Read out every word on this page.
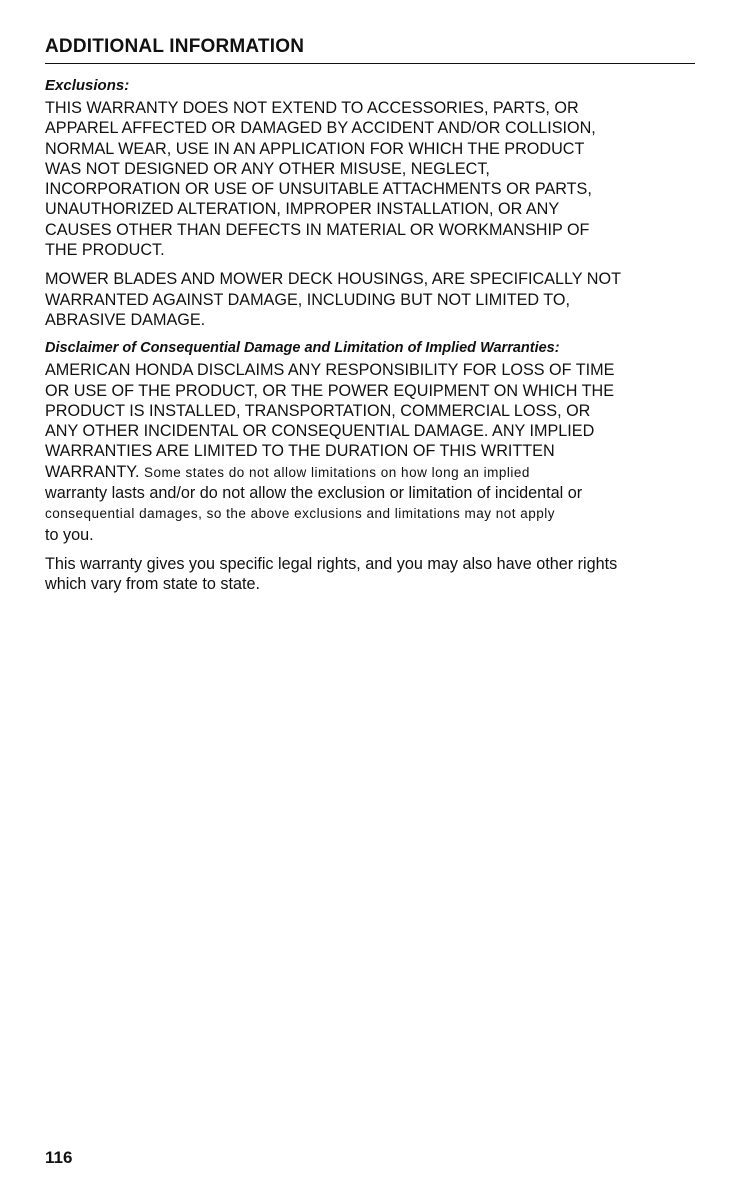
ADDITIONAL INFORMATION
Exclusions:

THIS WARRANTY DOES NOT EXTEND TO ACCESSORIES, PARTS, OR
APPAREL AFFECTED OR DAMAGED BY ACCIDENT AND/OR COLLISION,
NORMAL WEAR, USE IN AN APPLICATION FOR WHICH THE PRODUCT
WAS NOT DESIGNED OR ANY OTHER MISUSE, NEGLECT,
INCORPORATION OR USE OF UNSUITABLE ATTACHMENTS OR PARTS,
UNAUTHORIZED ALTERATION, IMPROPER INSTALLATION, OR ANY
CAUSES OTHER THAN DEFECTS IN MATERIAL OR WORKMANSHIP OF
THE PRODUCT.

MOWER BLADES AND MOWER DECK HOUSINGS, ARE SPECIFICALLY NOT
WARRANTED AGAINST DAMAGE, INCLUDING BUT NOT LIMITED TO,
ABRASIVE DAMAGE.

Disclaimer of Consequential Damage and Limitation of Implied Warranties:

AMERICAN HONDA DISCLAIMS ANY RESPONSIBILITY FOR LOSS OF TIME
OR USE OF THE PRODUCT, OR THE POWER EQUIPMENT ON WHICH THE
PRODUCT IS INSTALLED, TRANSPORTATION, COMMERCIAL LOSS, OR
ANY OTHER INCIDENTAL OR CONSEQUENTIAL DAMAGE. ANY IMPLIED
WARRANTIES ARE LIMITED TO THE DURATION OF THIS WRITTEN
WARRANTY. Some states do not allow limitations on how long an implied
warranty lasts and/or do not allow the exclusion or limitation of incidental or
consequential damages, so the above exclusions and limitations may not apply
to you.

This warranty gives you specific legal rights, and you may also have other rights
which vary from state to state.

116
